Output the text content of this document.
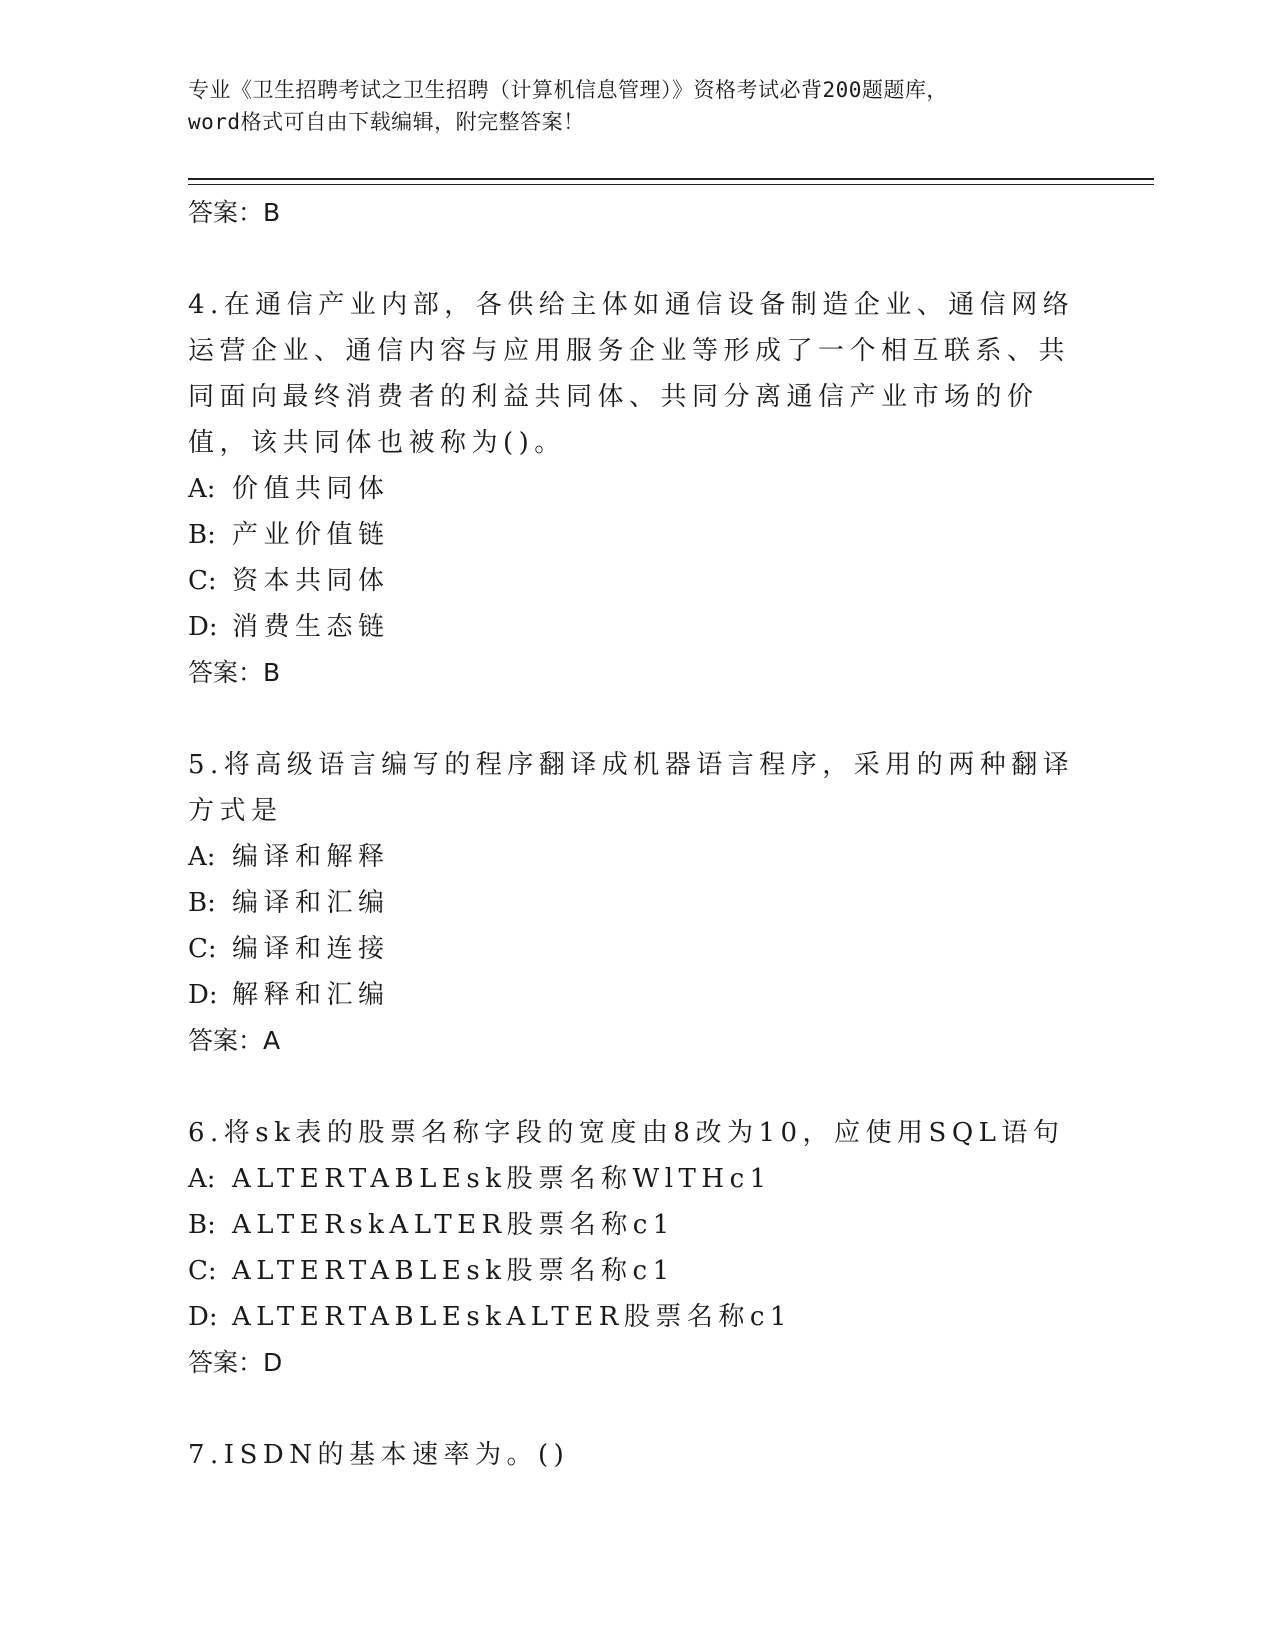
专业《卫生招聘考试之卫生招聘（计算机信息管理）》资格考试必背200题题库，
word格式可自由下载编辑，附完整答案！
答案：B
4.在通信产业内部，各供给主体如通信设备制造企业、通信网络运营企业、通信内容与应用服务企业等形成了一个相互联系、共同面向最终消费者的利益共同体、共同分离通信产业市场的价值，该共同体也被称为()。
A: 价值共同体
B: 产业价值链
C: 资本共同体
D: 消费生态链
答案：B
5.将高级语言编写的程序翻译成机器语言程序，采用的两种翻译方式是
A: 编译和解释
B: 编译和汇编
C: 编译和连接
D: 解释和汇编
答案：A
6.将sk表的股票名称字段的宽度由8改为10，应使用SQL语句
A: ALTERTABLEsk股票名称WlTHc1
B: ALTERskALTER股票名称c1
C: ALTERTABLEsk股票名称c1
D: ALTERTABLEskALTER股票名称c1
答案：D
7.ISDN的基本速率为。()
